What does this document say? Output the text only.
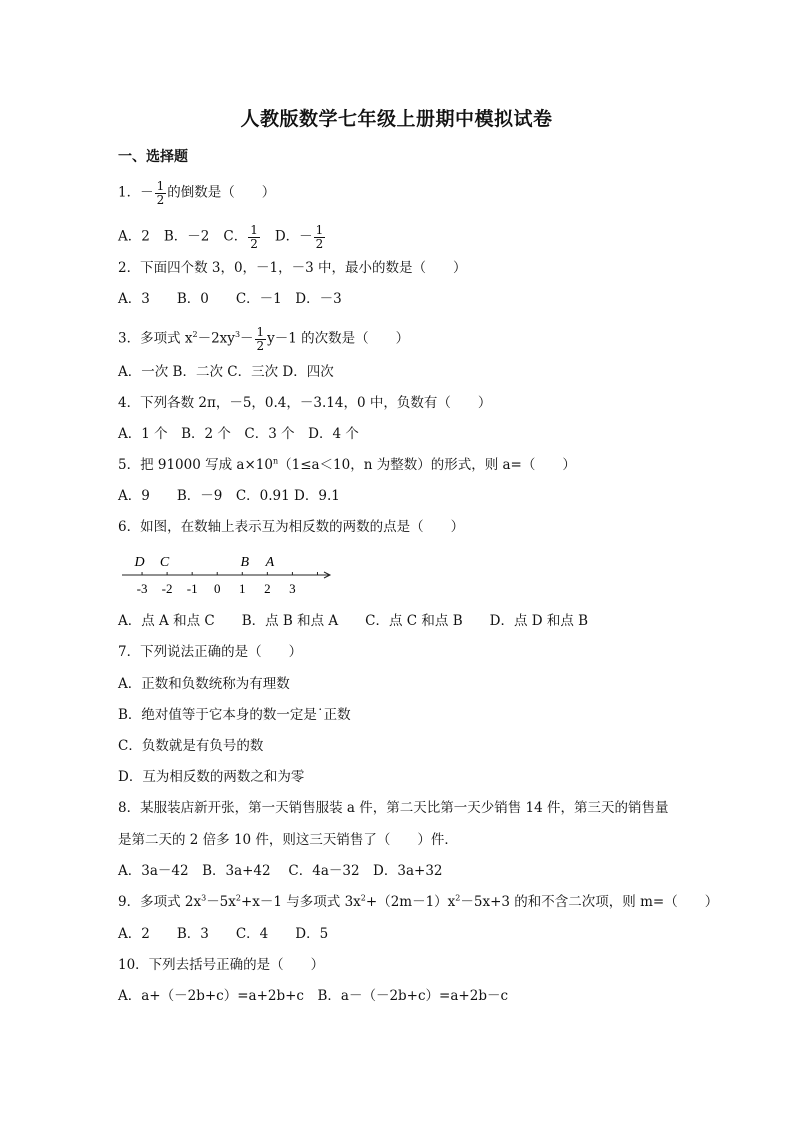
人教版数学七年级上册期中模拟试卷
一、选择题
1．－ $\frac{1}{2}$ 的倒数是（　　）
A．2 B．－2 C． $\frac{1}{2}$ D．－ $\frac{1}{2}$
2．下面四个数 3，0，－1，－3 中，最小的数是（　　）
A．3　　B．0　　C．－1　D．－3
3．多项式 $x^2-2xy^3- \frac{1}{2} y-1$ 的次数是（　　）
A．一次 B．二次 C．三次 D．四次
4．下列各数 2π，－5，0.4，－3.14，0 中，负数有（　　）
A．1 个　B．2 个　C．3 个　D．4 个
5．把 91000 写成 $a\times 10^n(1\le a<10$，n 为整数）的形式，则 a=（　　）
A．9　　B．－9　C．0.91 D．9.1
6．如图，在数轴上表示互为相反数的两数的点是（　　）
-3 -2 -1 0 1 2 3
D C	B A
A．点 A 和点 C　　B．点 B 和点 A　　C．点 C 和点 B　　D．点 D 和点 B
7．下列说法正确的是（　　）
A．正数和负数统称为有理数
B．绝对值等于它本身的数一定是˙正数
C．负数就是有负号的数
D．互为相反数的两数之和为零
8．某服装店新开张，第一天销售服装 a 件，第二天比第一天少销售 14 件，第三天的销售量
是第二天的 2 倍多 10 件，则这三天销售了（　　）件．
A．3a－42　B．3a+42　 C．4a－32　D．3a+32
9．多项式 $2x^3-5x^2+x-1$ 与多项式 $3x^2+(2m-1)x^2-5x+3$ 的和不含二次项，则 m=（　　）
A．2　　B．3　　C．4　　D．5
10．下列去括号正确的是（　　）
A．a+（－2b+c）=a+2b+c　B．a－（－2b+c）=a+2b－c
